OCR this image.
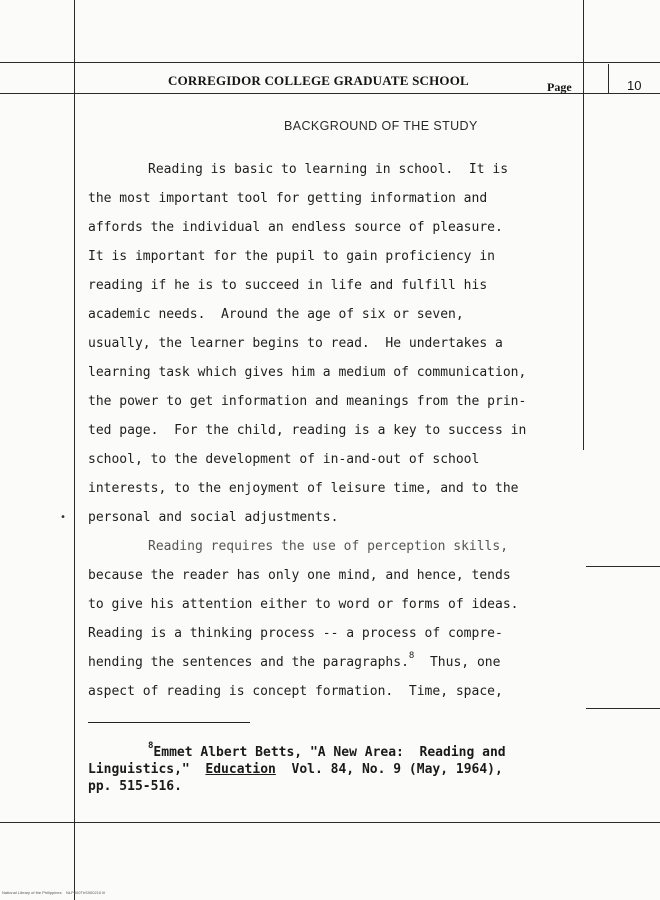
CORREGIDOR COLLEGE GRADUATE SCHOOL	Page	10
BACKGROUND OF THE STUDY

Reading is basic to learning in school.  It is

the most important tool for getting information and

affords the individual an endless source of pleasure.

It is important for the pupil to gain proficiency in

reading if he is to succeed in life and fulfill his

academic needs.  Around the age of six or seven,

usually, the learner begins to read.  He undertakes a

learning task which gives him a medium of communication,

the power to get information and meanings from the prin-

ted page.  For the child, reading is a key to success in

school, to the development of in-and-out of school

interests, to the enjoyment of leisure time, and to the

personal and social adjustments.

Reading requires the use of perception skills,

because the reader has only one mind, and hence, tends

to give his attention either to word or forms of ideas.

Reading is a thinking process -- a process of compre-

hending the sentences and the paragraphs.$^8$ Thus, one

aspect of reading is concept formation.  Time, space,

•

$^8$Emmet Albert Betts, "A New Area:  Reading and

Linguistics,"  Education  Vol. 84, No. 9 (May, 1964),

pp. 515-516.

National Library of the Philippines    NLP000ThS000210 lil
